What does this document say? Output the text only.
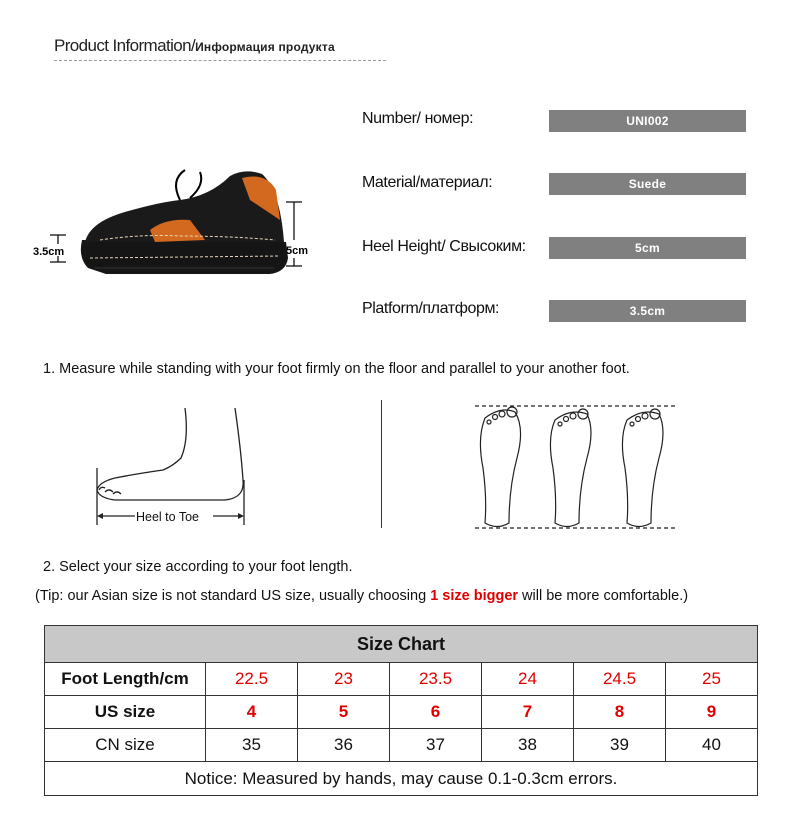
Product Information/Информация продукта
3.5cm	5cm
Number/ номер:	UNI002
Material/материал:	Suede
Heel Height/ Свысоким:	5cm
Platform/платформ:	3.5cm
1. Measure while standing with your foot firmly on the floor and parallel to your another foot.
Heel to Toe
2. Select your size according to your foot length.
(Tip: our Asian size is not standard US size, usually choosing 1 size bigger will be more comfortable.)
Size Chart						
Foot Length/cm	22.5	23	23.5	24	24.5	25
US size	4	5	6	7	8	9
CN size	35	36	37	38	39	40
Notice: Measured by hands, may cause 0.1-0.3cm errors.						
